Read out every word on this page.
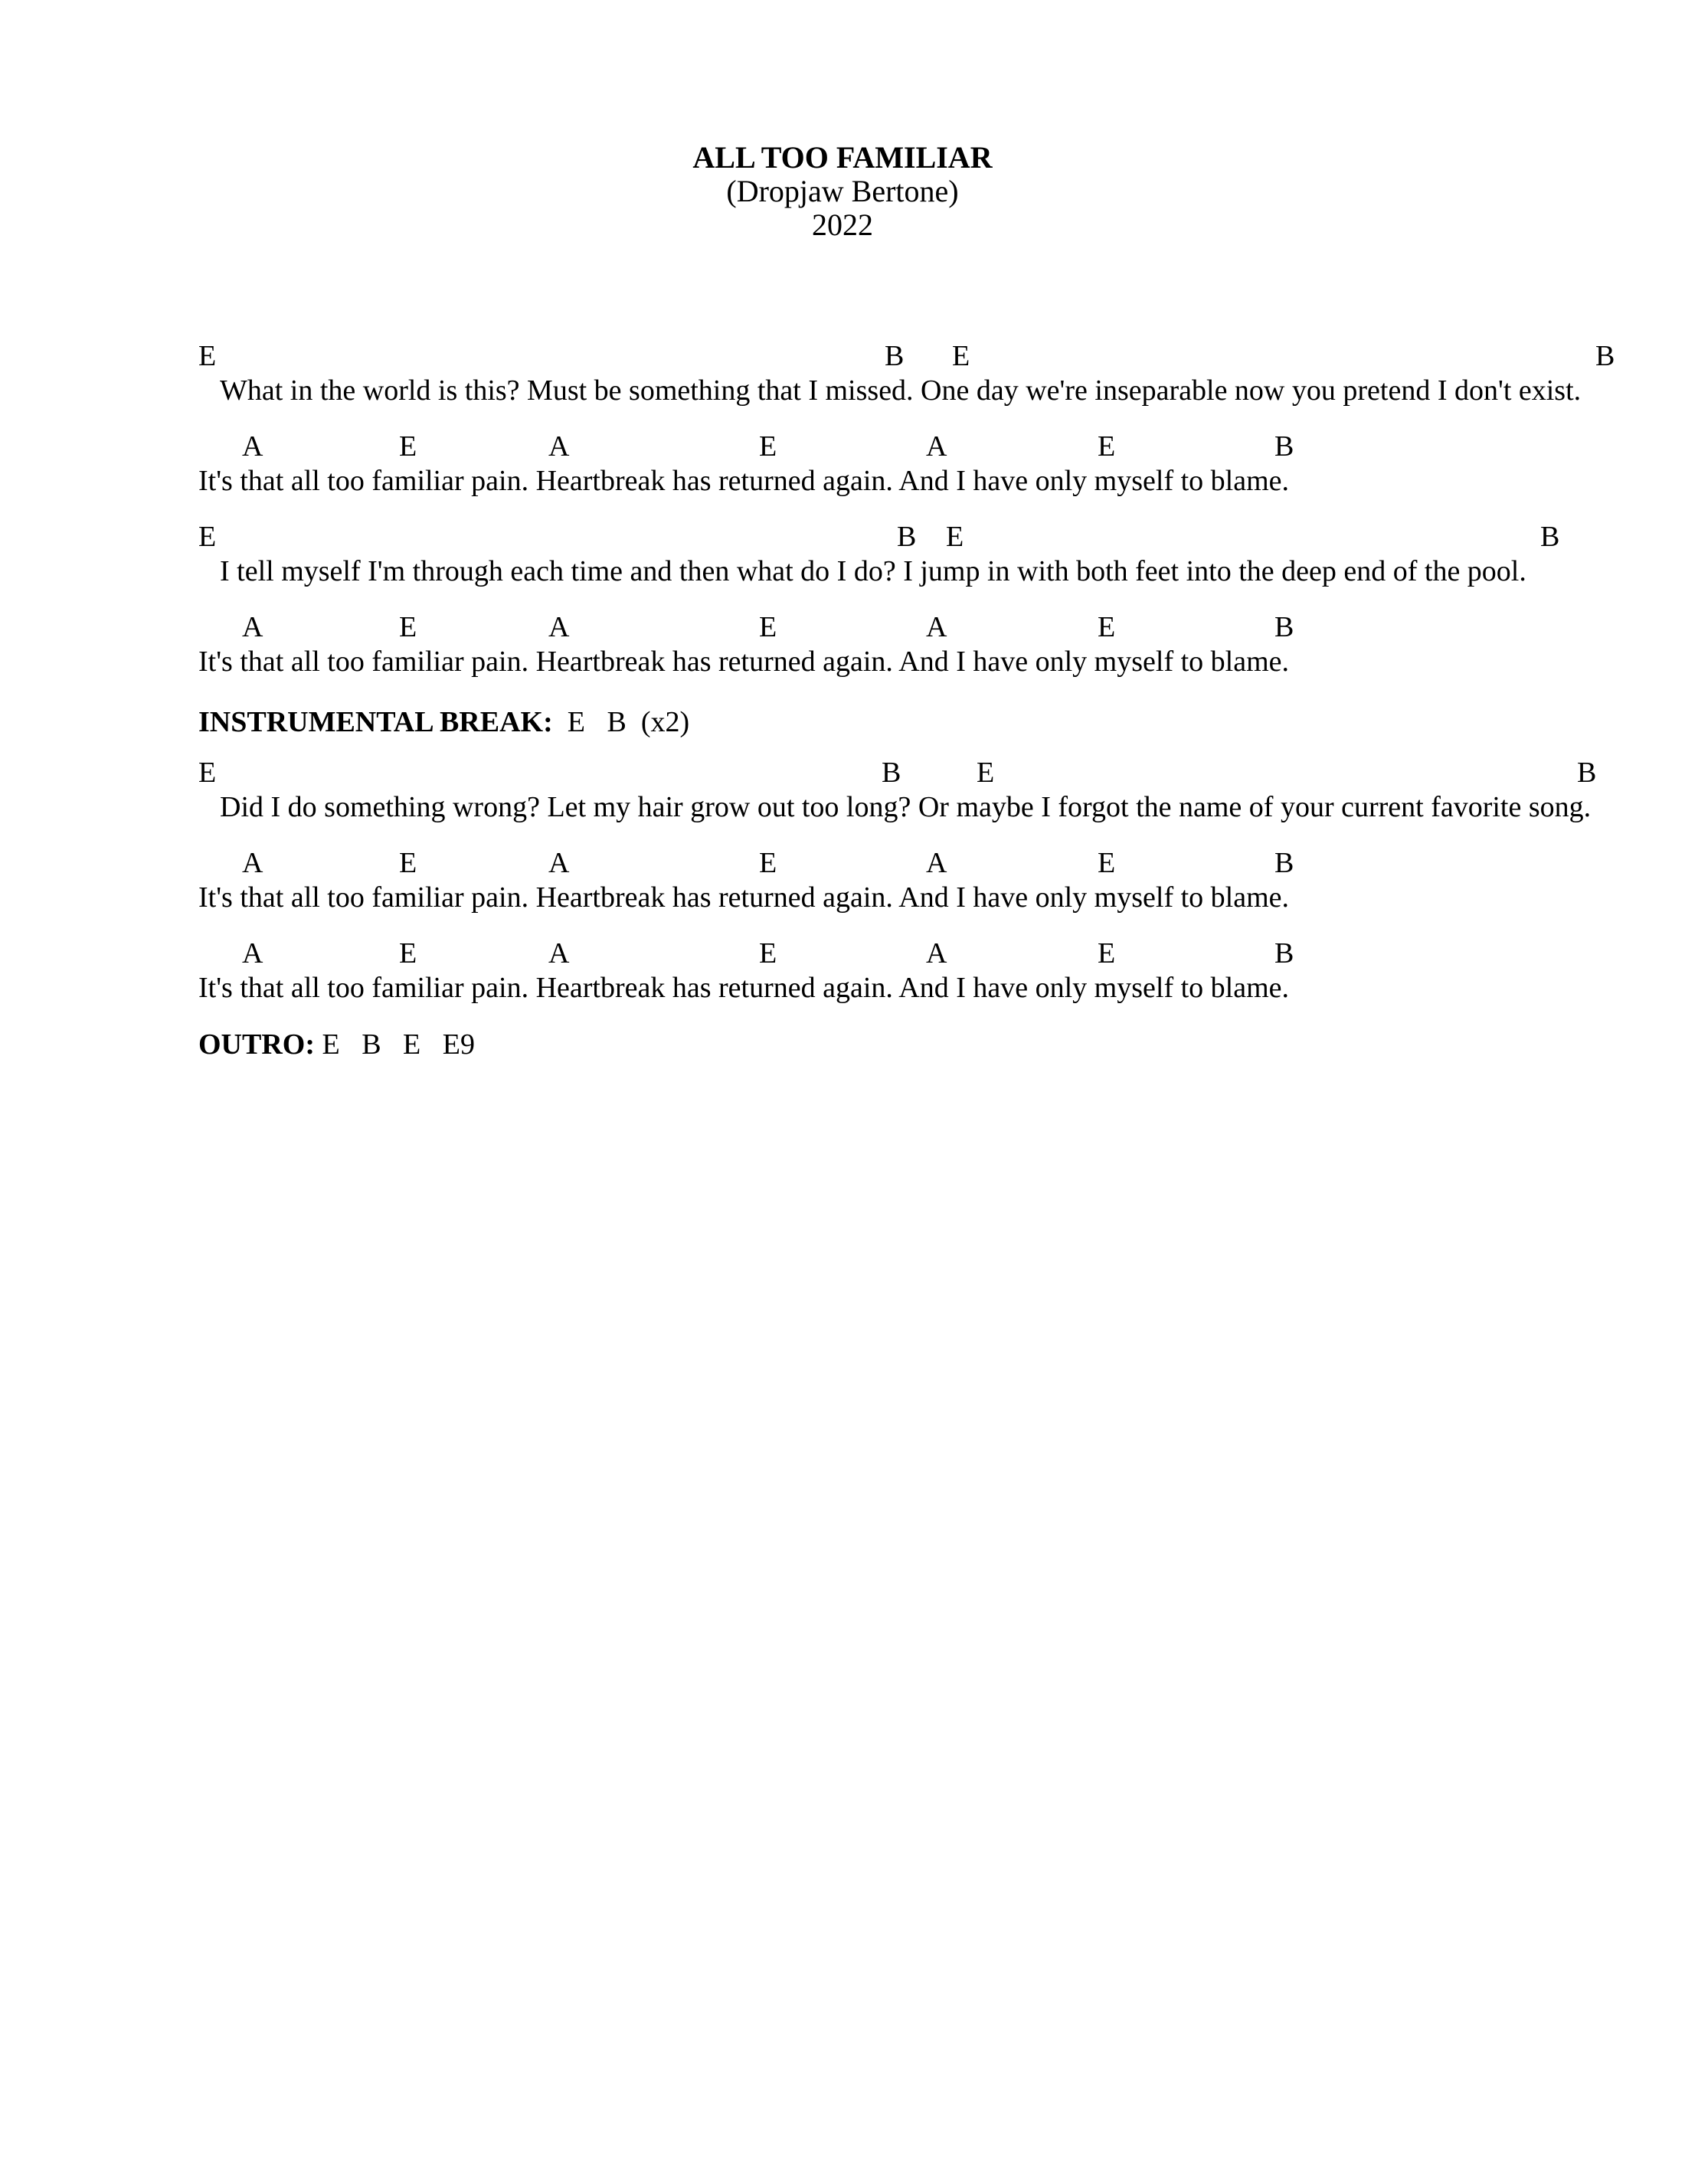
ALL TOO FAMILIAR
(Dropjaw Bertone)
2022
E	B E	B
What in the world is this? Must be something that I missed. One day we're inseparable now you pretend I don't exist.
A	E	A	E	A	E	B
It's that all too familiar pain. Heartbreak has returned again. And I have only myself to blame.
E	B E	B
I tell myself I'm through each time and then what do I do? I jump in with both feet into the deep end of the pool.
A	E	A	E	A	E	B
It's that all too familiar pain. Heartbreak has returned again. And I have only myself to blame.
INSTRUMENTAL BREAK:  E   B  (x2)
E	B	E	B
Did I do something wrong? Let my hair grow out too long? Or maybe I forgot the name of your current favorite song.
A	E	A	E	A	E	B
It's that all too familiar pain. Heartbreak has returned again. And I have only myself to blame.
A	E	A	E	A	E	B
It's that all too familiar pain. Heartbreak has returned again. And I have only myself to blame.
OUTRO: E   B   E   E9
